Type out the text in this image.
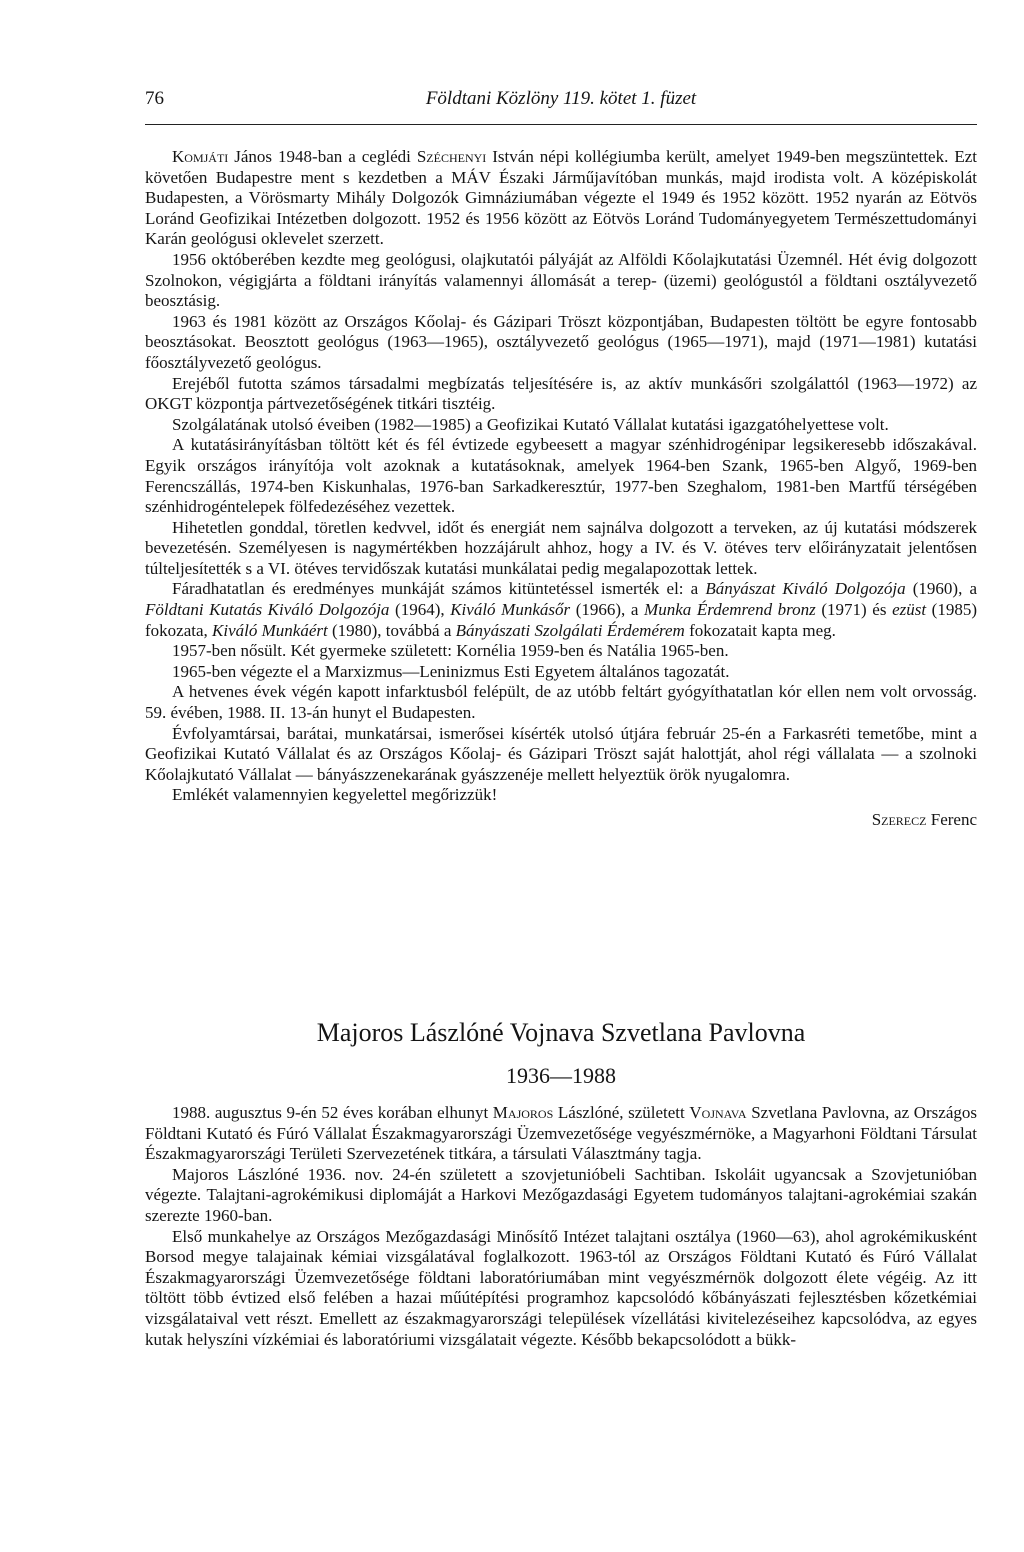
76	Földtani Közlöny 119. kötet 1. füzet

Komjáti János 1948-ban a ceglédi Széchenyi István népi kollégiumba került, amelyet 1949-ben megszüntettek. Ezt követően Budapestre ment s kezdetben a MÁV Északi Járműjavítóban munkás, majd irodista volt. A középiskolát Budapesten, a Vörösmarty Mihály Dolgozók Gimnáziumában végezte el 1949 és 1952 között. 1952 nyarán az Eötvös Loránd Geofizikai Intézetben dolgozott. 1952 és 1956 között az Eötvös Loránd Tudományegyetem Természettudományi Karán geológusi oklevelet szerzett.

1956 októberében kezdte meg geológusi, olajkutatói pályáját az Alföldi Kőolajkutatási Üzemnél. Hét évig dolgozott Szolnokon, végigjárta a földtani irányítás valamennyi állomását a terep- (üzemi) geológustól a földtani osztályvezető beosztásig.

1963 és 1981 között az Országos Kőolaj- és Gázipari Tröszt központjában, Budapesten töltött be egyre fontosabb beosztásokat. Beosztott geológus (1963—1965), osztályvezető geológus (1965—1971), majd (1971—1981) kutatási főosztályvezető geológus.

Erejéből futotta számos társadalmi megbízatás teljesítésére is, az aktív munkásőri szolgálattól (1963—1972) az OKGT központja pártvezetőségének titkári tisztéig.

Szolgálatának utolsó éveiben (1982—1985) a Geofizikai Kutató Vállalat kutatási igazgatóhelyettese volt.

A kutatásirányításban töltött két és fél évtizede egybeesett a magyar szénhidrogénipar legsikeresebb időszakával. Egyik országos irányítója volt azoknak a kutatásoknak, amelyek 1964-ben Szank, 1965-ben Algyő, 1969-ben Ferencszállás, 1974-ben Kiskunhalas, 1976-ban Sarkadkeresztúr, 1977-ben Szeghalom, 1981-ben Martfű térségében szénhidrogéntelepek fölfedezéséhez vezettek.

Hihetetlen gonddal, töretlen kedvvel, időt és energiát nem sajnálva dolgozott a terveken, az új kutatási módszerek bevezetésén. Személyesen is nagymértékben hozzájárult ahhoz, hogy a IV. és V. ötéves terv előirányzatait jelentősen túlteljesítették s a VI. ötéves tervidőszak kutatási munkálatai pedig megalapozottak lettek.

Fáradhatatlan és eredményes munkáját számos kitüntetéssel ismerték el: a Bányászat Kiváló Dolgozója (1960), a Földtani Kutatás Kiváló Dolgozója (1964), Kiváló Munkásőr (1966), a Munka Érdemrend bronz (1971) és ezüst (1985) fokozata, Kiváló Munkáért (1980), továbbá a Bányászati Szolgálati Érdemérem fokozatait kapta meg.

1957-ben nősült. Két gyermeke született: Kornélia 1959-ben és Natália 1965-ben.

1965-ben végezte el a Marxizmus—Leninizmus Esti Egyetem általános tagozatát.

A hetvenes évek végén kapott infarktusból felépült, de az utóbb feltárt gyógyíthatatlan kór ellen nem volt orvosság. 59. évében, 1988. II. 13-án hunyt el Budapesten.

Évfolyamtársai, barátai, munkatársai, ismerősei kísérték utolsó útjára február 25-én a Farkasréti temetőbe, mint a Geofizikai Kutató Vállalat és az Országos Kőolaj- és Gázipari Tröszt saját halottját, ahol régi vállalata — a szolnoki Kőolajkutató Vállalat — bányászzenekarának gyászzenéje mellett helyeztük örök nyugalomra.

Emlékét valamennyien kegyelettel megőrizzük!

Szerecz Ferenc
Majoros Lászlóné Vojnava Szvetlana Pavlovna
1936—1988

1988. augusztus 9-én 52 éves korában elhunyt Majoros Lászlóné, született Vojnava Szvetlana Pavlovna, az Országos Földtani Kutató és Fúró Vállalat Északmagyarországi Üzemvezetősége vegyészmérnöke, a Magyarhoni Földtani Társulat Északmagyarországi Területi Szervezetének titkára, a társulati Választmány tagja.

Majoros Lászlóné 1936. nov. 24-én született a szovjetunióbeli Sachtiban. Iskoláit ugyancsak a Szovjetunióban végezte. Talajtani-agrokémikusi diplomáját a Harkovi Mezőgazdasági Egyetem tudományos talajtani-agrokémiai szakán szerezte 1960-ban.

Első munkahelye az Országos Mezőgazdasági Minősítő Intézet talajtani osztálya (1960—63), ahol agrokémikusként Borsod megye talajainak kémiai vizsgálatával foglalkozott. 1963-tól az Országos Földtani Kutató és Fúró Vállalat Északmagyarországi Üzemvezetősége földtani laboratóriumában mint vegyészmérnök dolgozott élete végéig. Az itt töltött több évtized első felében a hazai műútépítési programhoz kapcsolódó kőbányászati fejlesztésben kőzetkémiai vizsgálataival vett részt. Emellett az északmagyarországi települések vízellátási kivitelezéseihez kapcsolódva, az egyes kutak helyszíni vízkémiai és laboratóriumi vizsgálatait végezte. Később bekapcsolódott a bükk-
